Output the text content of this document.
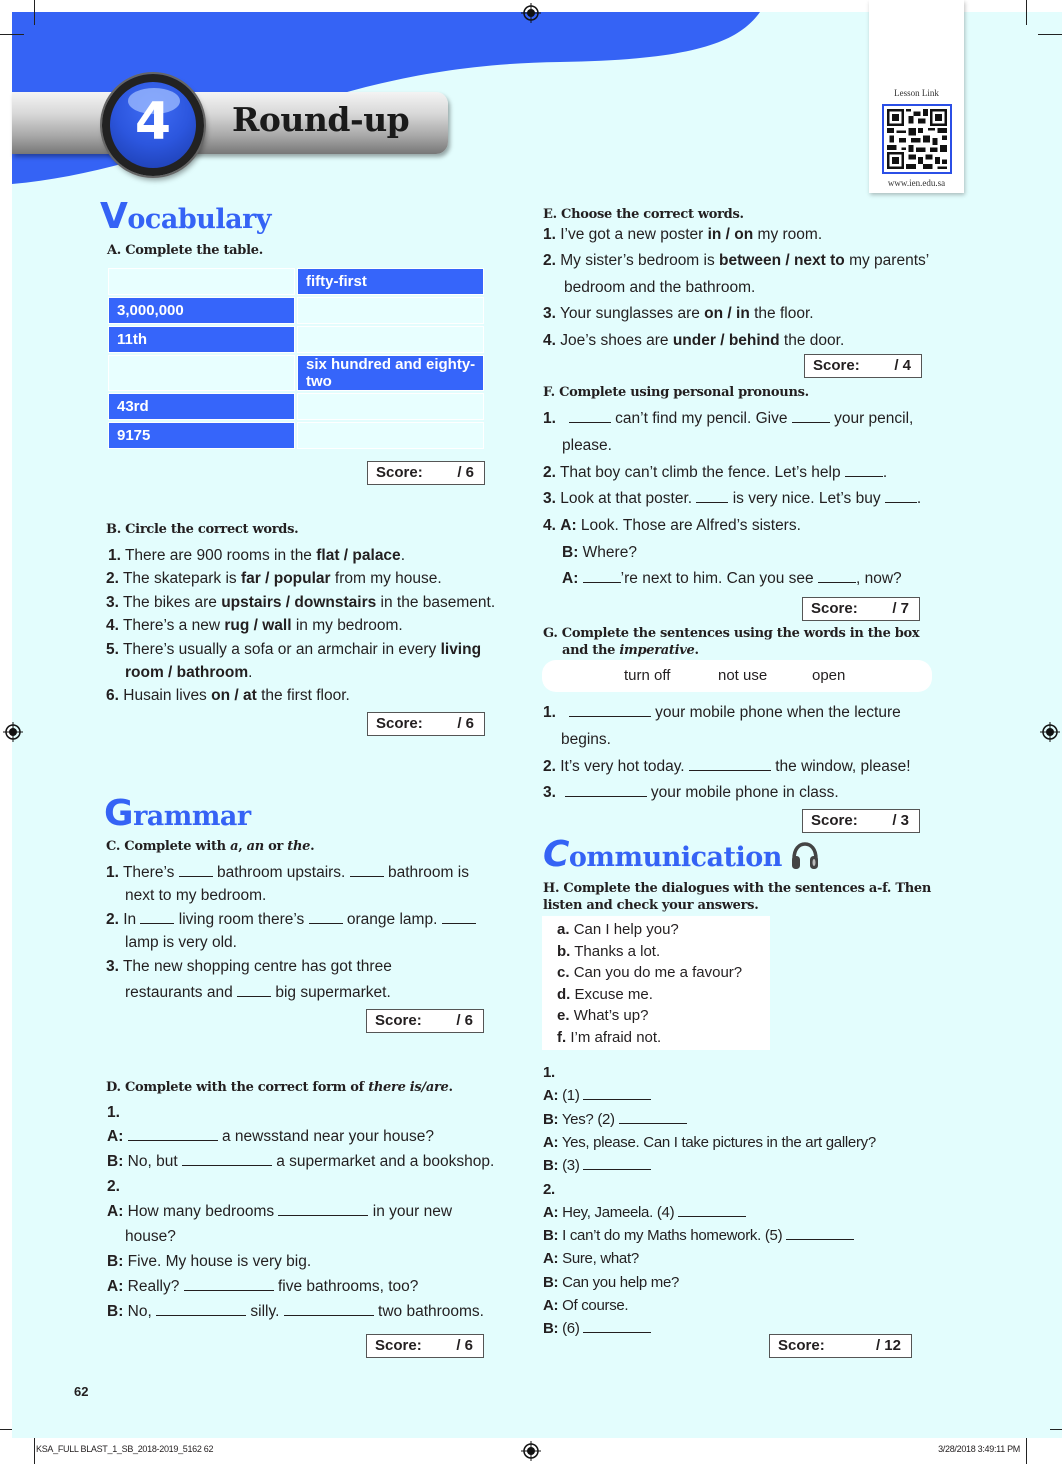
Round-up
4	Lesson Link
www.ien.edu.sa
Vocabulary
A. Complete the table.
	fifty-first
3,000,000	
11th	
	six hundred and eighty-two
43rd	
9175	
Score: / 6
B. Circle the correct words.
1. There are 900 rooms in the flat / palace.
2. The skatepark is far / popular from my house.
3. The bikes are upstairs / downstairs in the basement.
4. There’s a new rug / wall in my bedroom.
5. There’s usually a sofa or an armchair in every living
room / bathroom.
6. Husain lives on / at the first floor.
Score: / 6
Grammar
C. Complete with a, an or the.
1. There’s  bathroom upstairs.  bathroom is
next to my bedroom.
2. In  living room there’s  orange lamp.
lamp is very old.
3. The new shopping centre has got three
restaurants and  big supermarket.
Score: / 6
D. Complete with the correct form of there is/are.
1.
A:	a newsstand near your house?
B: No, but	a supermarket and a bookshop.
2.
A: How many bedrooms	in your new
house?
B: Five. My house is very big.
A: Really?	five bathrooms, too?
B: No,	silly.	two bathrooms.
Score: / 6
E. Choose the correct words.
1. I’ve got a new poster in / on my room.
2. My sister’s bedroom is between / next to my parents’
bedroom and the bathroom.
3. Your sunglasses are on / in the floor.
4. Joe’s shoes are under / behind the door.
Score: / 4
F. Complete using personal pronouns.
1.	can’t find my pencil. Give  your pencil,
please.
2. That boy can’t climb the fence. Let’s help .
3. Look at that poster.  is very nice. Let’s buy .
4. A: Look. Those are Alfred’s sisters.
B: Where?
A:	’re next to him. Can you see , now?
Score: / 7
G. Complete the sentences using the words in the box
and the imperative.
turn off	not use	open
1.	your mobile phone when the lecture
begins.
2. It’s very hot today.	the window, please!
3.	your mobile phone in class.
Score: / 3
Communication
H. Complete the dialogues with the sentences a-f. Then
listen and check your answers.
a. Can I help you?
b. Thanks a lot.
c. Can you do me a favour?
d. Excuse me.
e. What’s up?
f. I’m afraid not.
1.
A: (1)
B: Yes? (2)
A: Yes, please. Can I take pictures in the art gallery?
B: (3)
2.
A: Hey, Jameela. (4)
B: I can’t do my Maths homework. (5)
A: Sure, what?
B: Can you help me?
A: Of course.
B: (6)
Score:	/ 12
62
KSA_FULL BLAST_1_SB_2018-2019_5162 62	3/28/2018 3:49:11 PM
